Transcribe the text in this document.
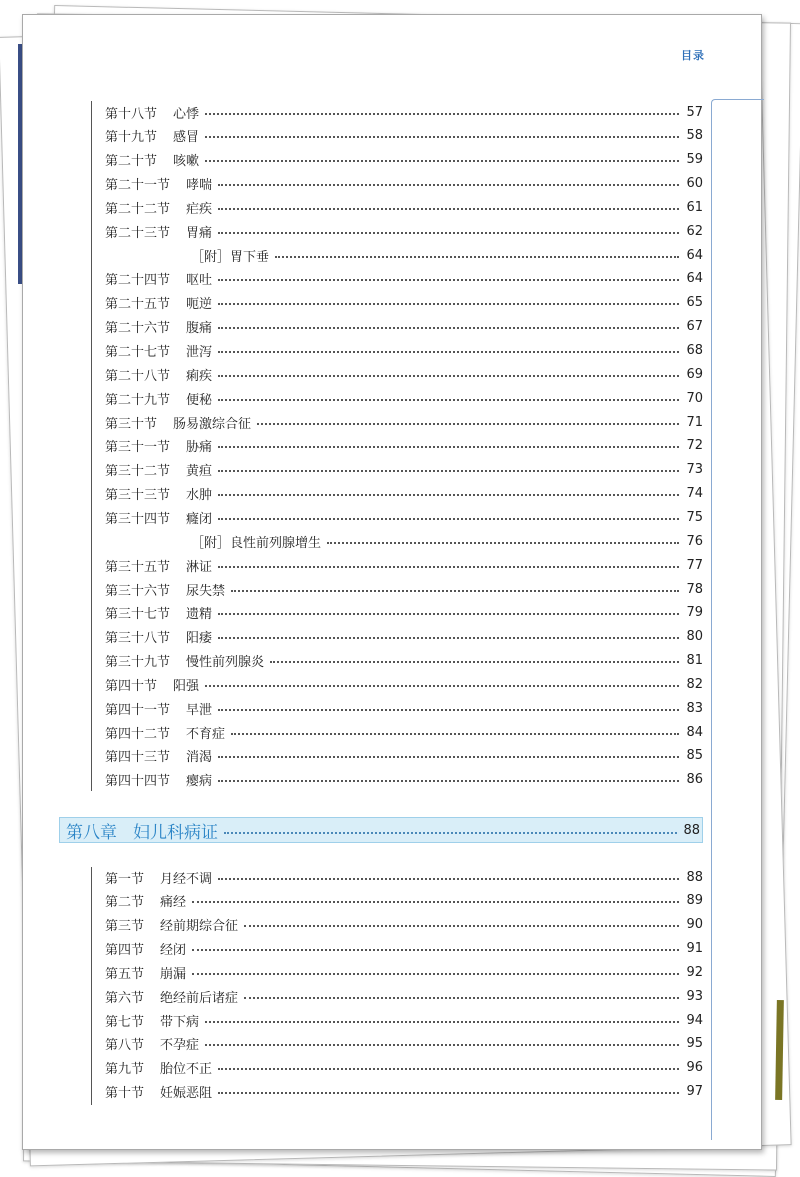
目录
第十八节 心悸	57
第十九节 感冒	58
第二十节 咳嗽	59
第二十一节 哮喘	60
第二十二节 疟疾	61
第二十三节 胃痛	62
［附］胃下垂	64
第二十四节 呕吐	64
第二十五节 呃逆	65
第二十六节 腹痛	67
第二十七节 泄泻	68
第二十八节 痢疾	69
第二十九节 便秘	70
第三十节 肠易激综合征	71
第三十一节 胁痛	72
第三十二节 黄疸	73
第三十三节 水肿	74
第三十四节 癃闭	75
［附］良性前列腺增生	76
第三十五节 淋证	77
第三十六节 尿失禁	78
第三十七节 遗精	79
第三十八节 阳痿	80
第三十九节 慢性前列腺炎	81
第四十节 阳强	82
第四十一节 早泄	83
第四十二节 不育症	84
第四十三节 消渴	85
第四十四节 瘿病	86
第八章 妇儿科病证	88
第一节 月经不调	88
第二节 痛经	89
第三节 经前期综合征	90
第四节 经闭	91
第五节 崩漏	92
第六节 绝经前后诸症	93
第七节 带下病	94
第八节 不孕症	95
第九节 胎位不正	96
第十节 妊娠恶阻	97
